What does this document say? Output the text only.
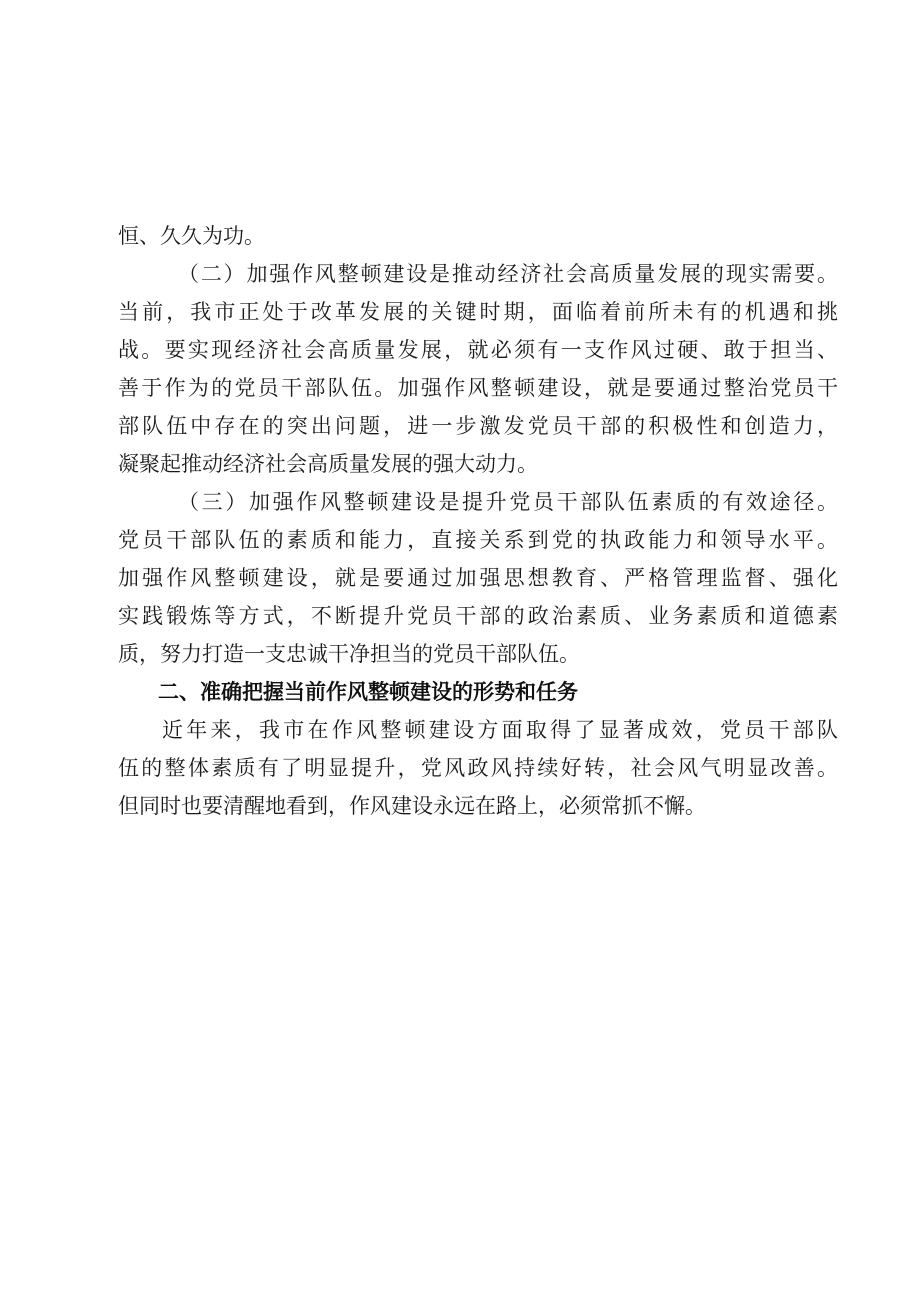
恒、久久为功。
（二）加强作风整顿建设是推动经济社会高质量发展的现实需要。
当前，我市正处于改革发展的关键时期，面临着前所未有的机遇和挑
战。要实现经济社会高质量发展，就必须有一支作风过硬、敢于担当、
善于作为的党员干部队伍。加强作风整顿建设，就是要通过整治党员干
部队伍中存在的突出问题，进一步激发党员干部的积极性和创造力，
凝聚起推动经济社会高质量发展的强大动力。
（三）加强作风整顿建设是提升党员干部队伍素质的有效途径。
党员干部队伍的素质和能力，直接关系到党的执政能力和领导水平。
加强作风整顿建设，就是要通过加强思想教育、严格管理监督、强化
实践锻炼等方式，不断提升党员干部的政治素质、业务素质和道德素
质，努力打造一支忠诚干净担当的党员干部队伍。
二、准确把握当前作风整顿建设的形势和任务
近年来，我市在作风整顿建设方面取得了显著成效，党员干部队
伍的整体素质有了明显提升，党风政风持续好转，社会风气明显改善。
但同时也要清醒地看到，作风建设永远在路上，必须常抓不懈。
